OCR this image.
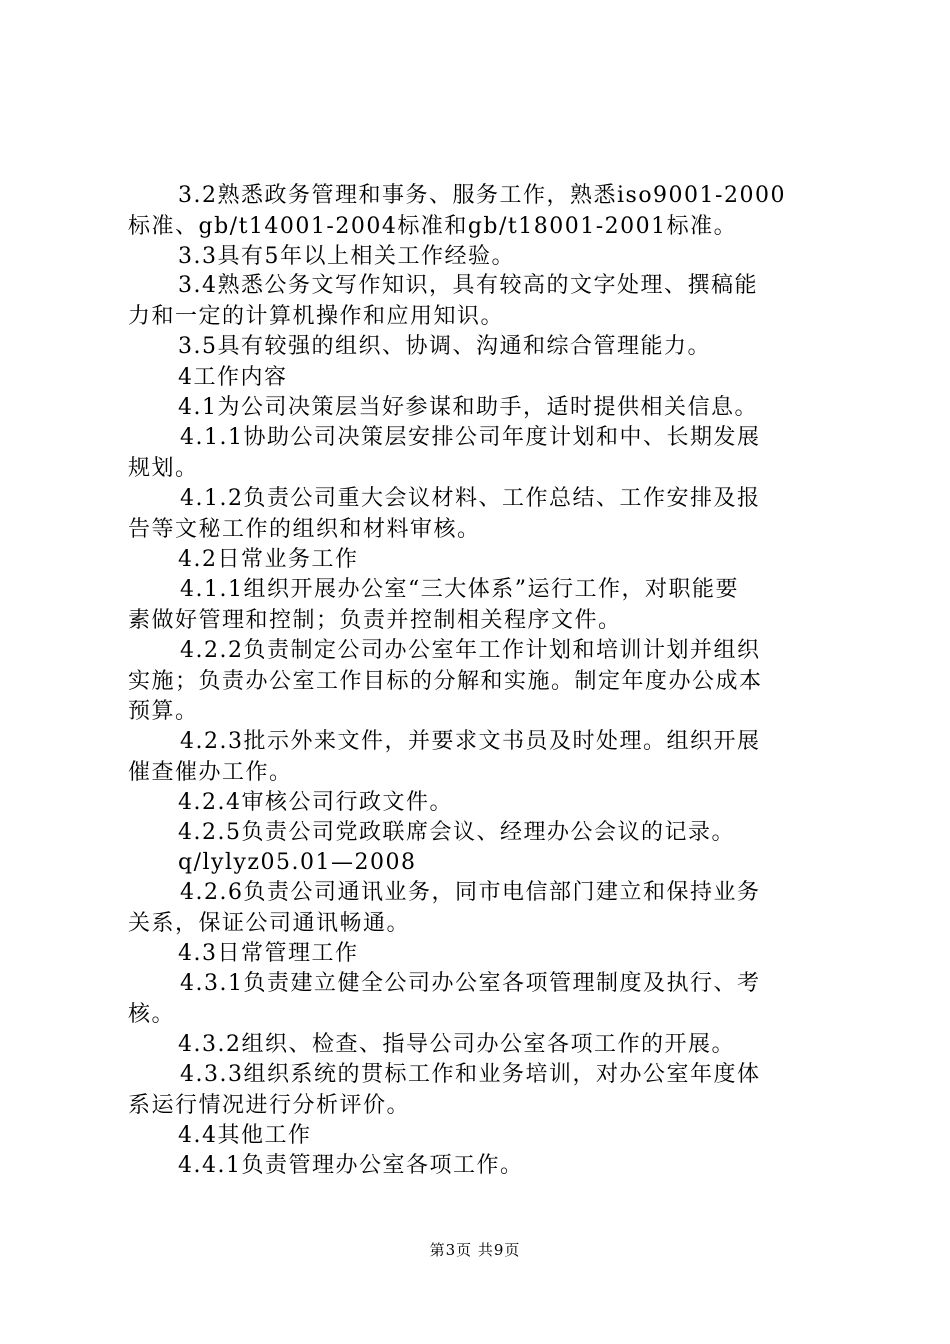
3.2熟悉政务管理和事务、服务工作，熟悉iso9001-2000
标准、gb/t14001-2004标准和gb/t18001-2001标准。
3.3具有5年以上相关工作经验。
3.4熟悉公务文写作知识，具有较高的文字处理、撰稿能
力和一定的计算机操作和应用知识。
3.5具有较强的组织、协调、沟通和综合管理能力。
4工作内容
4.1为公司决策层当好参谋和助手，适时提供相关信息。
4.1.1协助公司决策层安排公司年度计划和中、长期发展
规划。
4.1.2负责公司重大会议材料、工作总结、工作安排及报
告等文秘工作的组织和材料审核。
4.2日常业务工作
4.1.1组织开展办公室“三大体系”运行工作，对职能要
素做好管理和控制；负责并控制相关程序文件。
4.2.2负责制定公司办公室年工作计划和培训计划并组织
实施；负责办公室工作目标的分解和实施。制定年度办公成本
预算。
4.2.3批示外来文件，并要求文书员及时处理。组织开展
催查催办工作。
4.2.4审核公司行政文件。
4.2.5负责公司党政联席会议、经理办公会议的记录。
q/lylyz05.01—2008
4.2.6负责公司通讯业务，同市电信部门建立和保持业务
关系，保证公司通讯畅通。
4.3日常管理工作
4.3.1负责建立健全公司办公室各项管理制度及执行、考
核。
4.3.2组织、检查、指导公司办公室各项工作的开展。
4.3.3组织系统的贯标工作和业务培训，对办公室年度体
系运行情况进行分析评价。
4.4其他工作
4.4.1负责管理办公室各项工作。
第3页 共9页
